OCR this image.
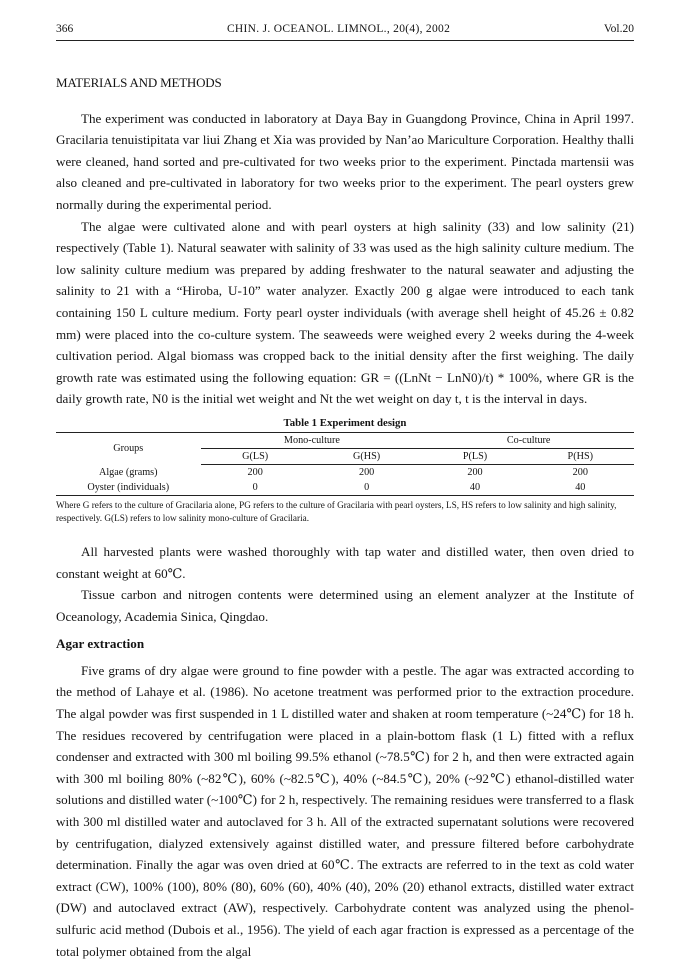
366	CHIN. J. OCEANOL. LIMNOL., 20(4), 2002	Vol.20
MATERIALS AND METHODS

The experiment was conducted in laboratory at Daya Bay in Guangdong Province, China in April 1997. Gracilaria tenuistipitata var liui Zhang et Xia was provided by Nan’ao Mariculture Corporation. Healthy thalli were cleaned, hand sorted and pre-cultivated for two weeks prior to the experiment. Pinctada martensii was also cleaned and pre-cultivated in laboratory for two weeks prior to the experiment. The pearl oysters grew normally during the experimental period.

The algae were cultivated alone and with pearl oysters at high salinity (33) and low salinity (21) respectively (Table 1). Natural seawater with salinity of 33 was used as the high salinity culture medium. The low salinity culture medium was prepared by adding freshwater to the natural seawater and adjusting the salinity to 21 with a “Hiroba, U-10” water analyzer. Exactly 200 g algae were introduced to each tank containing 150 L culture medium. Forty pearl oyster individuals (with average shell height of 45.26 ± 0.82 mm) were placed into the co-culture system. The seaweeds were weighed every 2 weeks during the 4-week cultivation period. Algal biomass was cropped back to the initial density after the first weighing. The daily growth rate was estimated using the following equation: GR = ((LnNt − LnN0)/t) * 100%, where GR is the daily growth rate, N0 is the initial wet weight and Nt the wet weight on day t, t is the interval in days.

Table 1 Experiment design
Groups	Mono-culture		Co-culture	
	G(LS)	G(HS)	P(LS)	P(HS)
Algae (grams)	200	200	200	200
Oyster (individuals)	0	0	40	40
Where G refers to the culture of Gracilaria alone, PG refers to the culture of Gracilaria with pearl oysters, LS, HS refers to low salinity and high salinity, respectively. G(LS) refers to low salinity mono-culture of Gracilaria.

All harvested plants were washed thoroughly with tap water and distilled water, then oven dried to constant weight at 60℃.

Tissue carbon and nitrogen contents were determined using an element analyzer at the Institute of Oceanology, Academia Sinica, Qingdao.

Agar extraction

Five grams of dry algae were ground to fine powder with a pestle. The agar was extracted according to the method of Lahaye et al. (1986). No acetone treatment was performed prior to the extraction procedure. The algal powder was first suspended in 1 L distilled water and shaken at room temperature (~24℃) for 18 h. The residues recovered by centrifugation were placed in a plain-bottom flask (1 L) fitted with a reflux condenser and extracted with 300 ml boiling 99.5% ethanol (~78.5℃) for 2 h, and then were extracted again with 300 ml boiling 80% (~82℃), 60% (~82.5℃), 40% (~84.5℃), 20% (~92℃) ethanol-distilled water solutions and distilled water (~100℃) for 2 h, respectively. The remaining residues were transferred to a flask with 300 ml distilled water and autoclaved for 3 h. All of the extracted supernatant solutions were recovered by centrifugation, dialyzed extensively against distilled water, and pressure filtered before carbohydrate determination. Finally the agar was oven dried at 60℃. The extracts are referred to in the text as cold water extract (CW), 100% (100), 80% (80), 60% (60), 40% (40), 20% (20) ethanol extracts, distilled water extract (DW) and autoclaved extract (AW), respectively. Carbohydrate content was analyzed using the phenol-sulfuric acid method (Dubois et al., 1956). The yield of each agar fraction is expressed as a percentage of the total polymer obtained from the algal
